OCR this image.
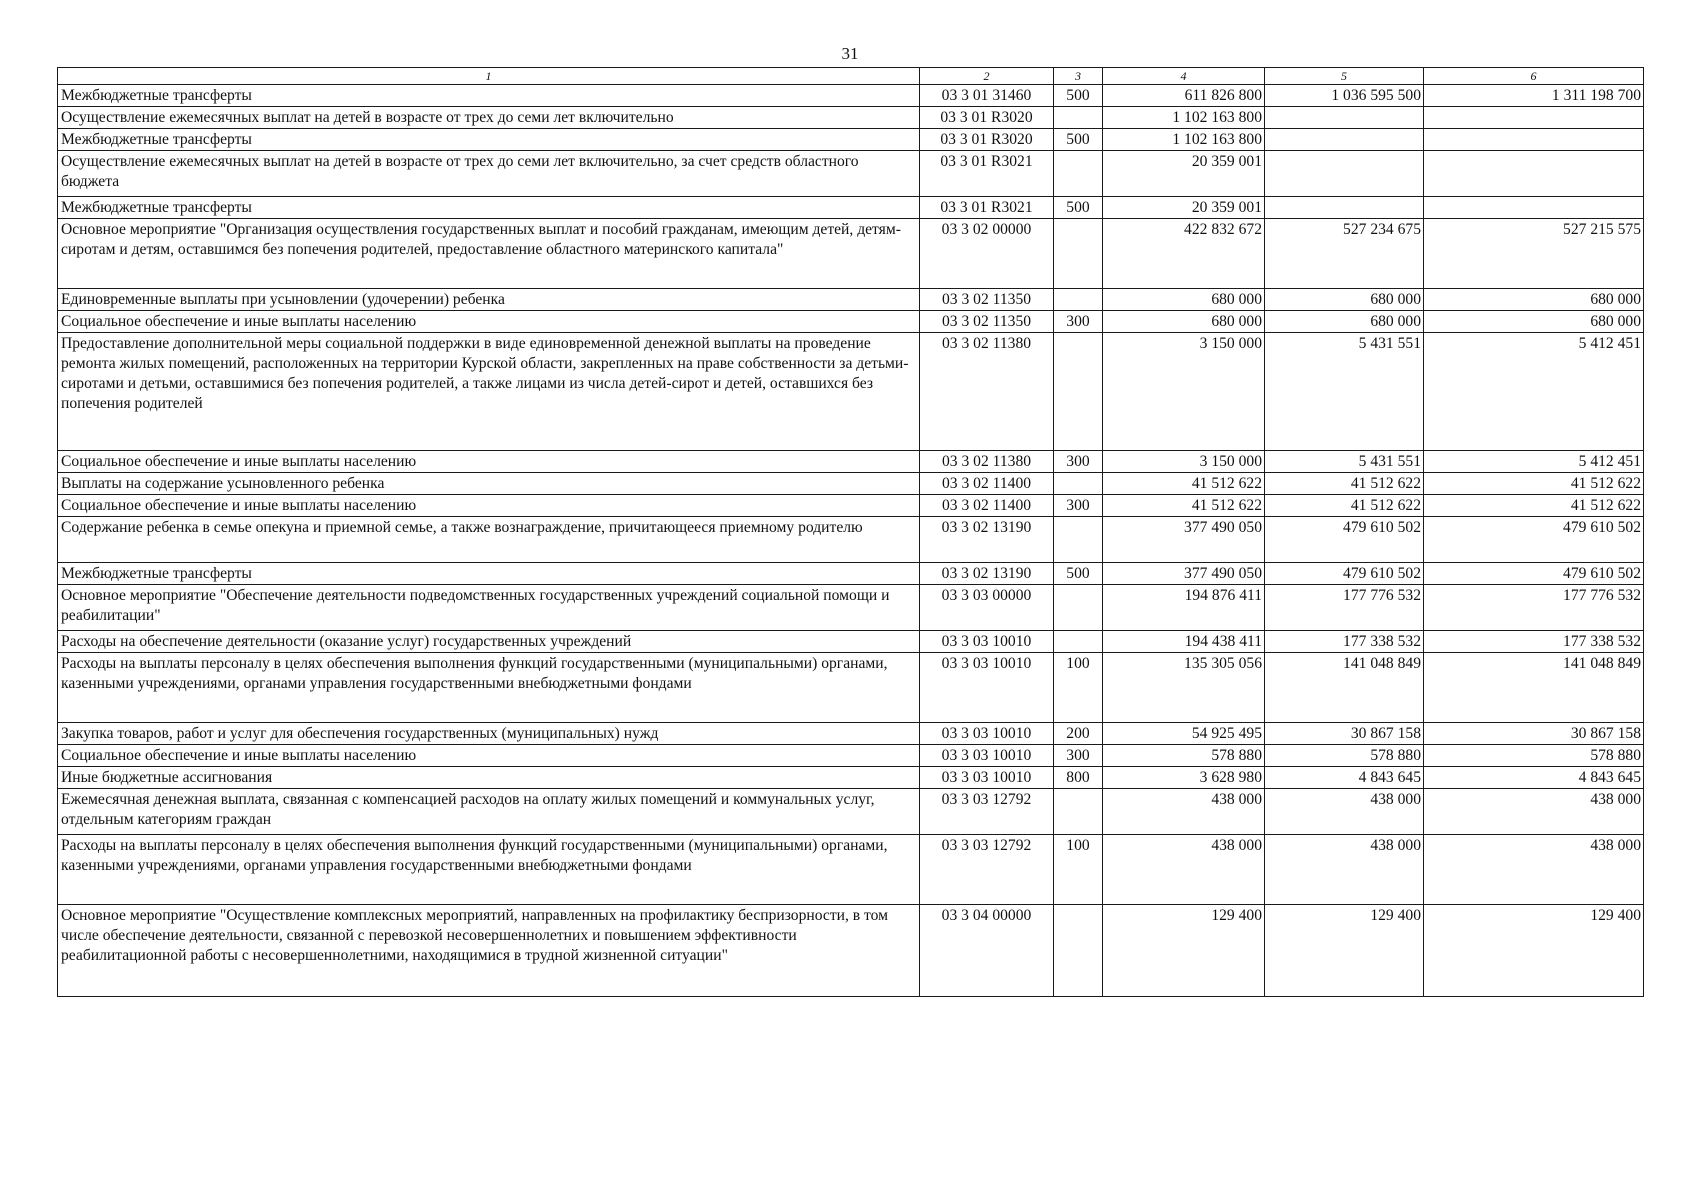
31
1	2	3	4	5	6
Межбюджетные трансферты	03 3 01 31460	500	611 826 800	1 036 595 500	1 311 198 700
Осуществление ежемесячных выплат на детей в возрасте от трех до семи лет включительно	03 3 01 R3020		1 102 163 800		
Межбюджетные трансферты	03 3 01 R3020	500	1 102 163 800		
Осуществление ежемесячных выплат на детей в возрасте от трех до семи лет включительно, за счет средств областного бюджета	03 3 01 R3021		20 359 001		
Межбюджетные трансферты	03 3 01 R3021	500	20 359 001		
Основное мероприятие "Организация осуществления государственных выплат и пособий гражданам, имеющим детей, детям-сиротам и детям, оставшимся без попечения родителей, предоставление областного материнского капитала"	03 3 02 00000		422 832 672	527 234 675	527 215 575
Единовременные выплаты при усыновлении (удочерении) ребенка	03 3 02 11350		680 000	680 000	680 000
Социальное обеспечение и иные выплаты населению	03 3 02 11350	300	680 000	680 000	680 000
Предоставление дополнительной меры социальной поддержки в виде единовременной денежной выплаты на проведение ремонта жилых помещений, расположенных на территории Курской области, закрепленных на праве собственности за детьми-сиротами и детьми, оставшимися без попечения родителей, а также лицами из числа детей-сирот и детей, оставшихся без попечения родителей	03 3 02 11380		3 150 000	5 431 551	5 412 451
Социальное обеспечение и иные выплаты населению	03 3 02 11380	300	3 150 000	5 431 551	5 412 451
Выплаты на содержание усыновленного ребенка	03 3 02 11400		41 512 622	41 512 622	41 512 622
Социальное обеспечение и иные выплаты населению	03 3 02 11400	300	41 512 622	41 512 622	41 512 622
Содержание ребенка в семье опекуна и приемной семье, а также вознаграждение, причитающееся приемному родителю	03 3 02 13190		377 490 050	479 610 502	479 610 502
Межбюджетные трансферты	03 3 02 13190	500	377 490 050	479 610 502	479 610 502
Основное мероприятие "Обеспечение деятельности подведомственных государственных учреждений социальной помощи и реабилитации"	03 3 03 00000		194 876 411	177 776 532	177 776 532
Расходы на обеспечение деятельности (оказание услуг) государственных учреждений	03 3 03 10010		194 438 411	177 338 532	177 338 532
Расходы на выплаты персоналу в целях обеспечения выполнения функций государственными (муниципальными) органами, казенными учреждениями, органами управления государственными внебюджетными фондами	03 3 03 10010	100	135 305 056	141 048 849	141 048 849
Закупка товаров, работ и услуг для обеспечения государственных (муниципальных) нужд	03 3 03 10010	200	54 925 495	30 867 158	30 867 158
Социальное обеспечение и иные выплаты населению	03 3 03 10010	300	578 880	578 880	578 880
Иные бюджетные ассигнования	03 3 03 10010	800	3 628 980	4 843 645	4 843 645
Ежемесячная денежная выплата, связанная с компенсацией расходов на оплату жилых помещений и коммунальных услуг, отдельным категориям граждан	03 3 03 12792		438 000	438 000	438 000
Расходы на выплаты персоналу в целях обеспечения выполнения функций государственными (муниципальными) органами, казенными учреждениями, органами управления государственными внебюджетными фондами	03 3 03 12792	100	438 000	438 000	438 000
Основное мероприятие "Осуществление комплексных мероприятий, направленных на профилактику беспризорности, в том числе обеспечение деятельности, связанной с перевозкой несовершеннолетних и повышением эффективности реабилитационной работы с несовершеннолетними, находящимися в трудной жизненной ситуации"	03 3 04 00000		129 400	129 400	129 400
